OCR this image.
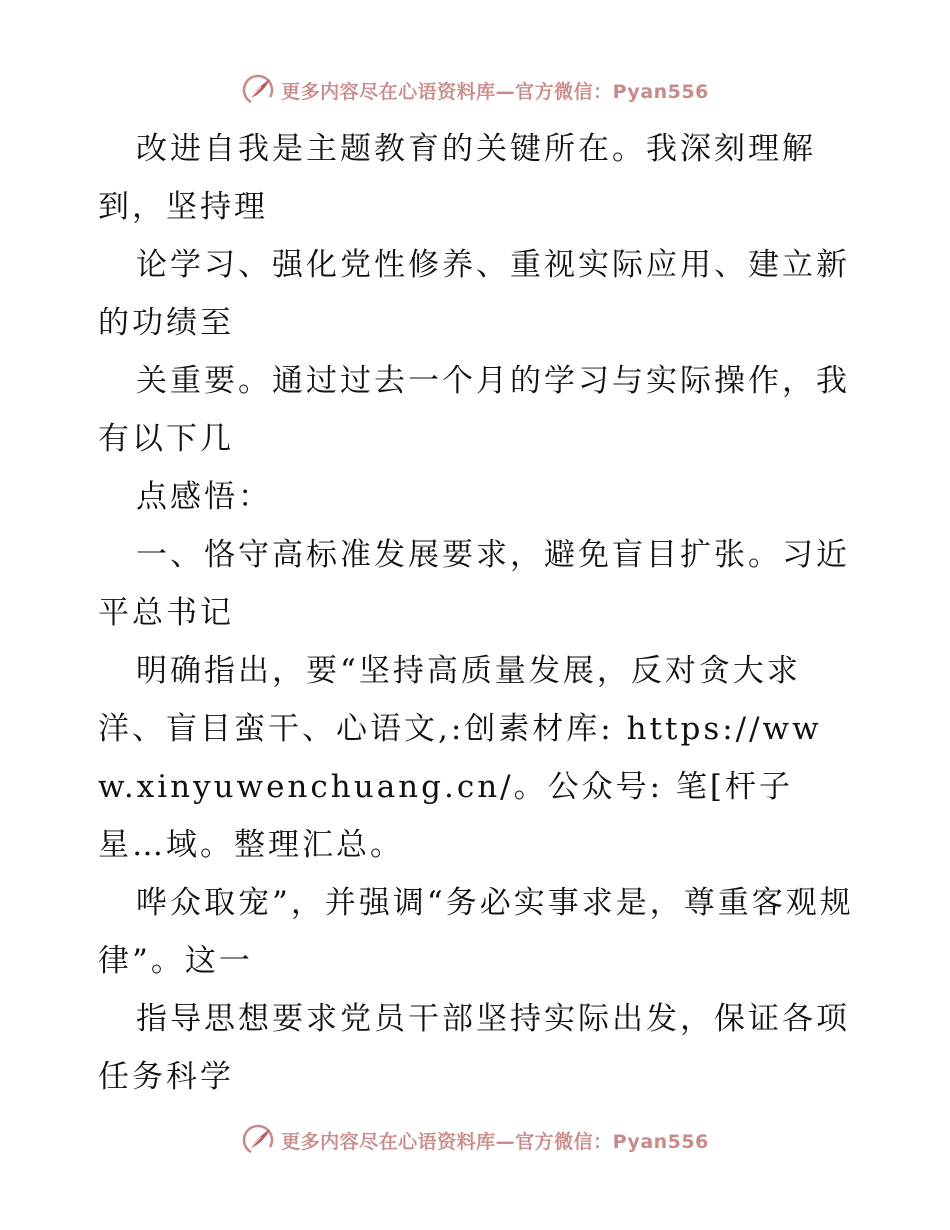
更多内容尽在心语资料库—官方微信：Pyan556

改进自我是主题教育的关键所在。我深刻理解到，坚持理

论学习、强化党性修养、重视实际应用、建立新的功绩至

关重要。通过过去一个月的学习与实际操作，我有以下几

点感悟：

一、恪守高标准发展要求，避免盲目扩张。习近平总书记

明确指出，要“坚持高质量发展，反对贪大求洋、盲目蛮干、心语文,:创素材库: https://www.xinyuwenchuang.cn/。公众号: 笔[杆子星…域。整理汇总。

哗众取宠”，并强调“务必实事求是，尊重客观规律”。这一

指导思想要求党员干部坚持实际出发，保证各项任务科学

更多内容尽在心语资料库—官方微信：Pyan556
